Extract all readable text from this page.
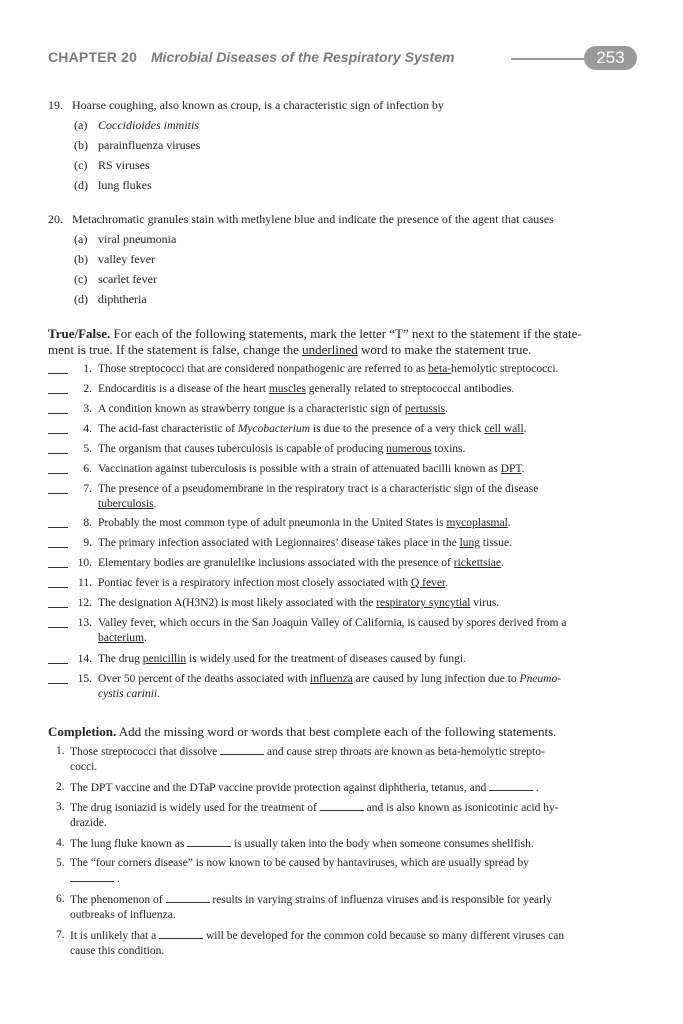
CHAPTER 20 Microbial Diseases of the Respiratory System	253
19. Hoarse coughing, also known as croup, is a characteristic sign of infection by
(a) Coccidioides immitis
(b) parainfluenza viruses
(c) RS viruses
(d) lung flukes
20. Metachromatic granules stain with methylene blue and indicate the presence of the agent that causes
(a) viral pneumonia
(b) valley fever
(c) scarlet fever
(d) diphtheria
True/False. For each of the following statements, mark the letter “T” next to the statement if the state-
ment is true. If the statement is false, change the underlined word to make the statement true.
1. Those streptococci that are considered nonpathogenic are referred to as beta-hemolytic streptococci.
2. Endocarditis is a disease of the heart muscles generally related to streptococcal antibodies.
3. A condition known as strawberry tongue is a characteristic sign of pertussis.
4. The acid-fast characteristic of Mycobacterium is due to the presence of a very thick cell wall.
5. The organism that causes tuberculosis is capable of producing numerous toxins.
6. Vaccination against tuberculosis is possible with a strain of attenuated bacilli known as DPT.
7. The presence of a pseudomembrane in the respiratory tract is a characteristic sign of the disease
tuberculosis.
8. Probably the most common type of adult pneumonia in the United States is mycoplasmal.
9. The primary infection associated with Legionnaires’ disease takes place in the lung tissue.
10. Elementary bodies are granulelike inclusions associated with the presence of rickettsiae.
11. Pontiac fever is a respiratory infection most closely associated with Q fever.
12. The designation A(H3N2) is most likely associated with the respiratory syncytial virus.
13. Valley fever, which occurs in the San Joaquin Valley of California, is caused by spores derived from a
bacterium.
14. The drug penicillin is widely used for the treatment of diseases caused by fungi.
15. Over 50 percent of the deaths associated with influenza are caused by lung infection due to Pneumo-
cystis carinii.
Completion. Add the missing word or words that best complete each of the following statements.
1. Those streptococci that dissolve	and cause strep throats are known as beta-hemolytic strepto-
cocci.
2. The DPT vaccine and the DTaP vaccine provide protection against diphtheria, tetanus, and	.
3. The drug isoniazid is widely used for the treatment of	and is also known as isonicotinic acid hy-
drazide.
4. The lung fluke known as	is usually taken into the body when someone consumes shellfish.
5. The “four corners disease” is now known to be caused by hantaviruses, which are usually spread by
.
6. The phenomenon of	results in varying strains of influenza viruses and is responsible for yearly
outbreaks of influenza.
7. It is unlikely that a	will be developed for the common cold because so many different viruses can
cause this condition.
